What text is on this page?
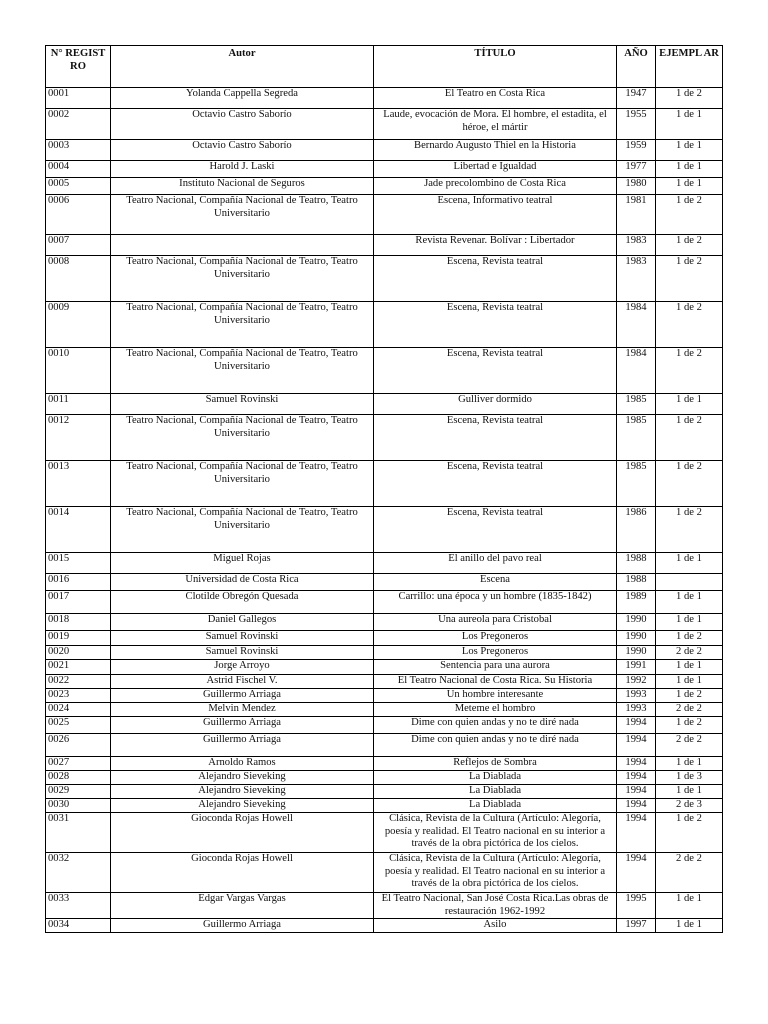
N° REGIST RO	Autor	TÍTULO	AÑO	EJEMPL AR
0001	Yolanda Cappella Segreda	El Teatro en Costa Rica	1947	1 de 2
0002	Octavio Castro Saborío	Laude, evocación de Mora. El hombre, el estadita, el héroe, el mártir	1955	1 de 1
0003	Octavio Castro Saborío	Bernardo Augusto Thiel en la Historia	1959	1 de 1
0004	Harold J. Laski	Libertad e Igualdad	1977	1 de 1
0005	Instituto Nacional de Seguros	Jade precolombino de Costa Rica	1980	1 de 1
0006	Teatro Nacional, Compañía Nacional de Teatro, Teatro Universitario	Escena, Informativo teatral	1981	1 de 2
0007		Revista Revenar. Bolívar : Libertador	1983	1 de 2
0008	Teatro Nacional, Compañía Nacional de Teatro, Teatro Universitario	Escena, Revista teatral	1983	1 de 2
0009	Teatro Nacional, Compañía Nacional de Teatro, Teatro Universitario	Escena, Revista teatral	1984	1 de 2
0010	Teatro Nacional, Compañía Nacional de Teatro, Teatro Universitario	Escena, Revista teatral	1984	1 de 2
0011	Samuel Rovinski	Gulliver dormido	1985	1 de 1
0012	Teatro Nacional, Compañía Nacional de Teatro, Teatro Universitario	Escena, Revista teatral	1985	1 de 2
0013	Teatro Nacional, Compañía Nacional de Teatro, Teatro Universitario	Escena, Revista teatral	1985	1 de 2
0014	Teatro Nacional, Compañía Nacional de Teatro, Teatro Universitario	Escena, Revista teatral	1986	1 de 2
0015	Miguel Rojas	El anillo del pavo real	1988	1 de 1
0016	Universidad de Costa Rica	Escena	1988	
0017	Clotilde Obregón Quesada	Carrillo: una época y un hombre (1835-1842)	1989	1 de 1
0018	Daniel Gallegos	Una aureola para Cristobal	1990	1 de 1
0019	Samuel Rovinski	Los Pregoneros	1990	1 de 2
0020	Samuel Rovinski	Los Pregoneros	1990	2 de 2
0021	Jorge Arroyo	Sentencia para una aurora	1991	1 de 1
0022	Astrid Fischel V.	El Teatro Nacional de Costa Rica. Su Historia	1992	1 de 1
0023	Guillermo Arriaga	Un hombre interesante	1993	1 de 2
0024	Melvin Mendez	Meteme el hombro	1993	2 de 2
0025	Guillermo Arriaga	Dime con quien andas y no te diré nada	1994	1 de 2
0026	Guillermo Arriaga	Dime con quien andas y no te diré nada	1994	2 de 2
0027	Arnoldo Ramos	Reflejos de Sombra	1994	1 de 1
0028	Alejandro Sieveking	La Diablada	1994	1 de 3
0029	Alejandro Sieveking	La Diablada	1994	1 de 1
0030	Alejandro Sieveking	La Diablada	1994	2 de 3
0031	Gioconda Rojas Howell	Clásica, Revista de la Cultura (Artículo: Alegoría, poesía y realidad. El Teatro nacional en su interior a través de la obra pictórica de los cielos.	1994	1 de 2
0032	Gioconda Rojas Howell	Clásica, Revista de la Cultura (Artículo: Alegoría, poesía y realidad. El Teatro nacional en su interior a través de la obra pictórica de los cielos.	1994	2 de 2
0033	Edgar Vargas Vargas	El Teatro Nacional, San José Costa Rica.Las obras de restauración 1962-1992	1995	1 de 1
0034	Guillermo Arriaga	Asilo	1997	1 de 1
